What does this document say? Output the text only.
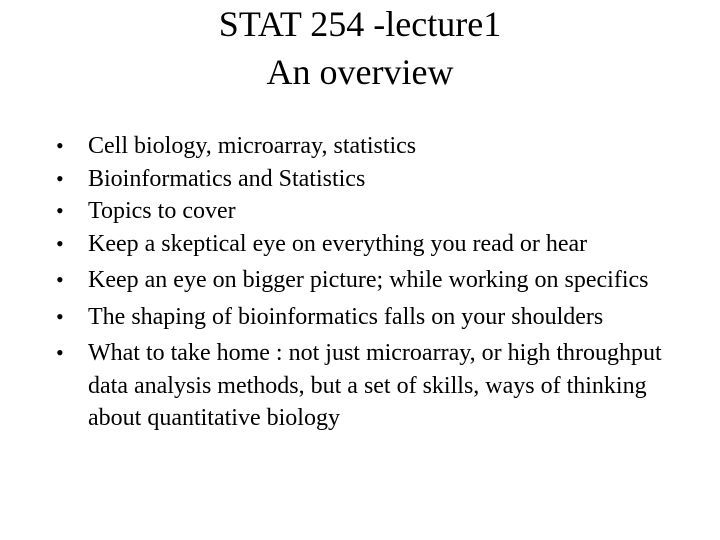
STAT 254 -lecture1
An overview
•	Cell biology, microarray, statistics
•	Bioinformatics and Statistics
•	Topics to cover
•	Keep a skeptical eye on everything you read or hear
•	Keep an eye on bigger picture; while working on specifics
•	The shaping of bioinformatics falls on your shoulders
•	What to take home : not just microarray, or high throughput data analysis methods, but a set of skills, ways of thinking about quantitative biology
